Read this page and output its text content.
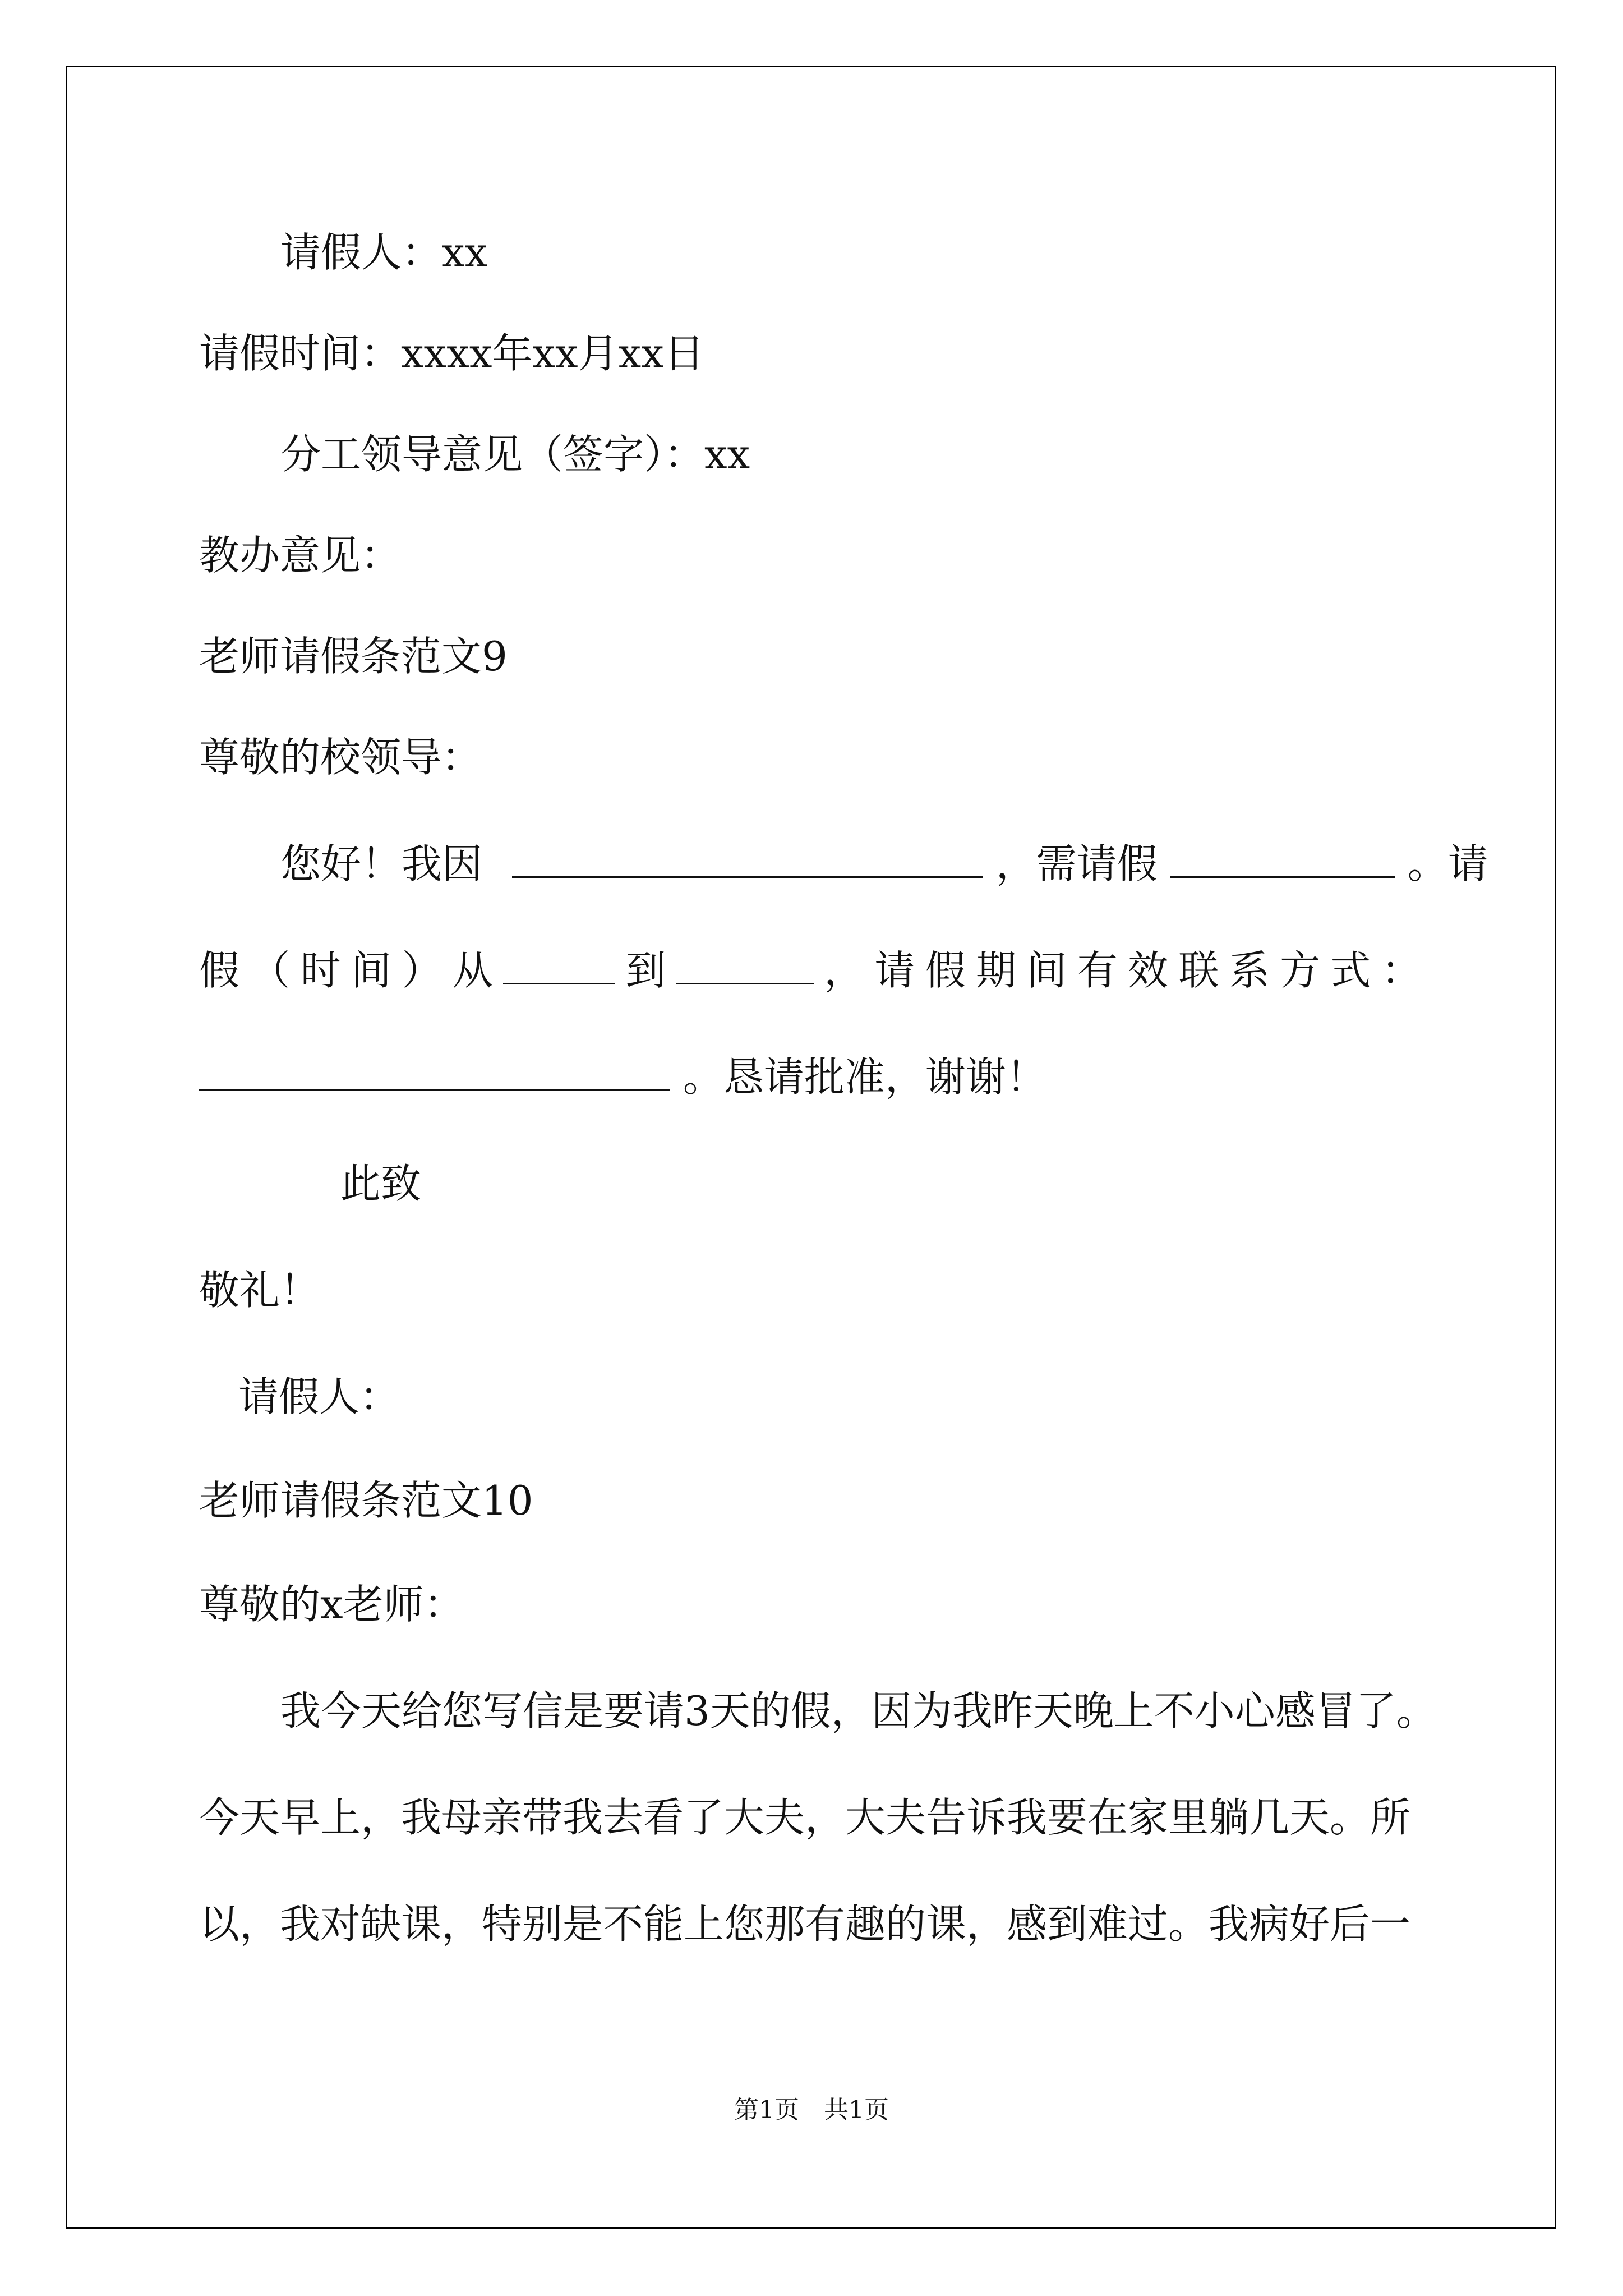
请假人：xx
请假时间：xxxx年xx月xx日
分工领导意见（签字）：xx
教办意见：
老师请假条范文9
尊敬的校领导：
您好！我因	，需请假	。请
假 （ 时 间 ） 从	到	， 请 假 期 间 有 效 联 系 方 式 ：
。恳请批准，谢谢！
此致
敬礼！
请假人：
老师请假条范文10
尊敬的x老师：
我今天给您写信是要请3天的假，因为我昨天晚上不小心感冒了。
今天早上，我母亲带我去看了大夫，大夫告诉我要在家里躺几天。所
以，我对缺课，特别是不能上您那有趣的课，感到难过。我病好后一
第1页　共1页
